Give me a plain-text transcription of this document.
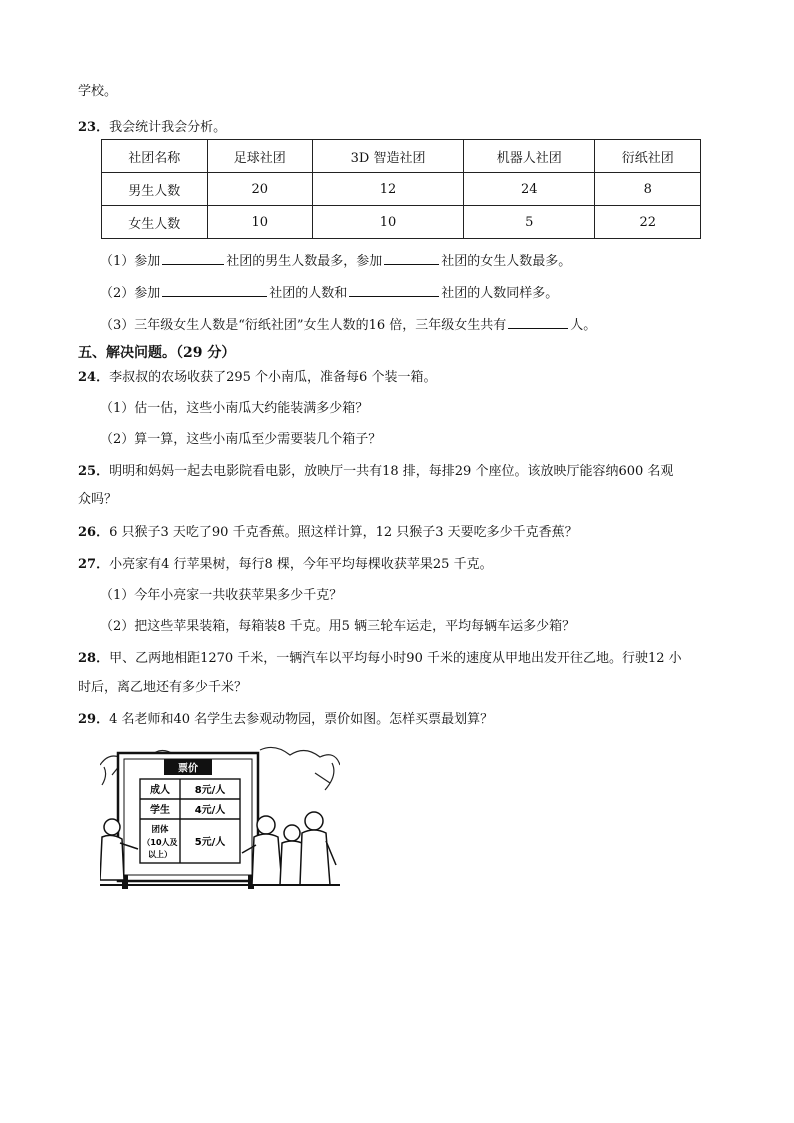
学校。
23．我会统计我会分析。
社团名称	足球社团	3D 智造社团	机器人社团	衍纸社团
男生人数	20	12	24	8
女生人数	10	10	5	22
（1）参加	社团的男生人数最多，参加	社团的女生人数最多。
（2）参加	社团的人数和	社团的人数同样多。
（3）三年级女生人数是“衍纸社团”女生人数的16 倍，三年级女生共有	人。
五、解决问题。（29 分）
24．李叔叔的农场收获了295 个小南瓜，准备每6 个装一箱。
（1）估一估，这些小南瓜大约能装满多少箱？
（2）算一算，这些小南瓜至少需要装几个箱子？
25．明明和妈妈一起去电影院看电影，放映厅一共有18 排，每排29 个座位。该放映厅能容纳600 名观
众吗？
26．6 只猴子3 天吃了90 千克香蕉。照这样计算，12 只猴子3 天要吃多少千克香蕉？
27．小亮家有4 行苹果树，每行8 棵，今年平均每棵收获苹果25 千克。
（1）今年小亮家一共收获苹果多少千克？
（2）把这些苹果装箱，每箱装8 千克。用5 辆三轮车运走，平均每辆车运多少箱？
28．甲、乙两地相距1270 千米，一辆汽车以平均每小时90 千米的速度从甲地出发开往乙地。行驶12 小
时后，离乙地还有多少千米？
29．4 名老师和40 名学生去参观动物园，票价如图。怎样买票最划算？
票价
成人 8元/人
学生 4元/人
团体
（10人及
以上）
5元/人
